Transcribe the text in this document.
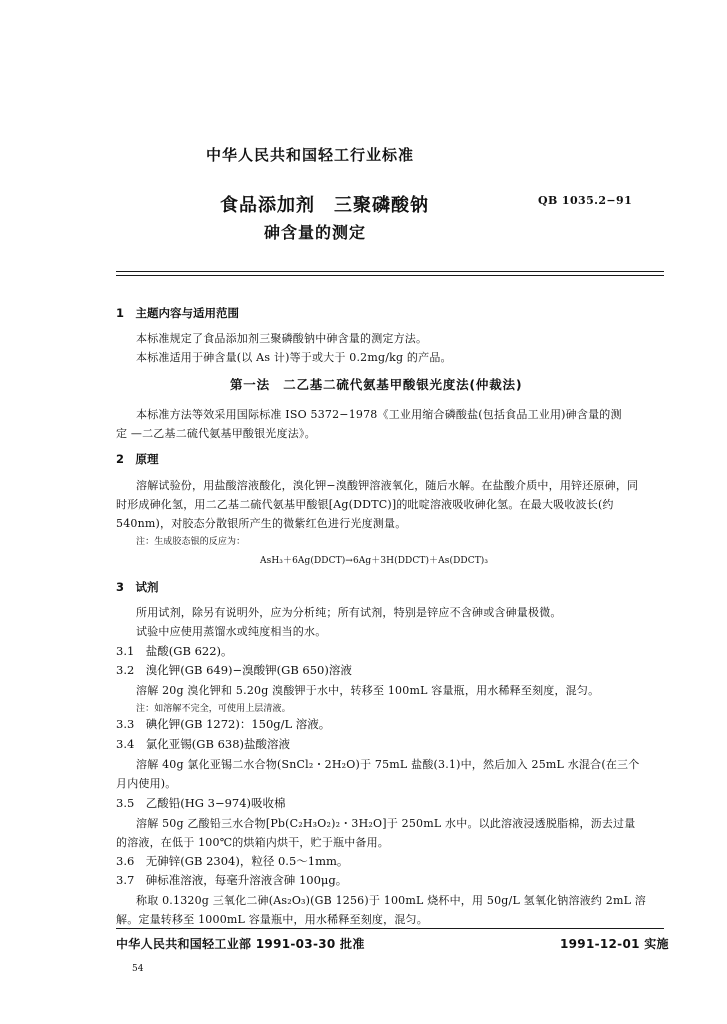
中华人民共和国轻工行业标准
食品添加剂　三聚磷酸钠	QB 1035.2−91
砷含量的测定
1　主题内容与适用范围
本标准规定了食品添加剂三聚磷酸钠中砷含量的测定方法。
本标准适用于砷含量(以 As 计)等于或大于 0.2mg/kg 的产品。
第一法　二乙基二硫代氨基甲酸银光度法(仲裁法)
本标准方法等效采用国际标准 ISO 5372−1978《工业用缩合磷酸盐(包括食品工业用)砷含量的测
定 —二乙基二硫代氨基甲酸银光度法》。
2　原理
溶解试验份，用盐酸溶液酸化，溴化钾−溴酸钾溶液氧化，随后水解。在盐酸介质中，用锌还原砷，同
时形成砷化氢，用二乙基二硫代氨基甲酸银[Ag(DDTC)]的吡啶溶液吸收砷化氢。在最大吸收波长(约
540nm)，对胶态分散银所产生的微紫红色进行光度测量。
注：生成胶态银的反应为：
AsH₃＋6Ag(DDCT)→6Ag＋3H(DDCT)＋As(DDCT)₃
3　试剂
所用试剂，除另有说明外，应为分析纯；所有试剂，特别是锌应不含砷或含砷量极微。
试验中应使用蒸馏水或纯度相当的水。
3.1　盐酸(GB 622)。
3.2　溴化钾(GB 649)−溴酸钾(GB 650)溶液
溶解 20g 溴化钾和 5.20g 溴酸钾于水中，转移至 100mL 容量瓶，用水稀释至刻度，混匀。
注：如溶解不完全，可使用上层清液。
3.3　碘化钾(GB 1272)：150g/L 溶液。
3.4　氯化亚锡(GB 638)盐酸溶液
溶解 40g 氯化亚锡二水合物(SnCl₂・2H₂O)于 75mL 盐酸(3.1)中，然后加入 25mL 水混合(在三个
月内使用)。
3.5　乙酸铅(HG 3−974)吸收棉
溶解 50g 乙酸铅三水合物[Pb(C₂H₃O₂)₂・3H₂O]于 250mL 水中。以此溶液浸透脱脂棉，沥去过量
的溶液，在低于 100℃的烘箱内烘干，贮于瓶中备用。
3.6　无砷锌(GB 2304)，粒径 0.5～1mm。
3.7　砷标准溶液，每毫升溶液含砷 100μg。
称取 0.1320g 三氧化二砷(As₂O₃)(GB 1256)于 100mL 烧杯中，用 50g/L 氢氧化钠溶液约 2mL 溶
解。定量转移至 1000mL 容量瓶中，用水稀释至刻度，混匀。
中华人民共和国轻工业部 1991-03-30 批准	1991-12-01 实施
54
